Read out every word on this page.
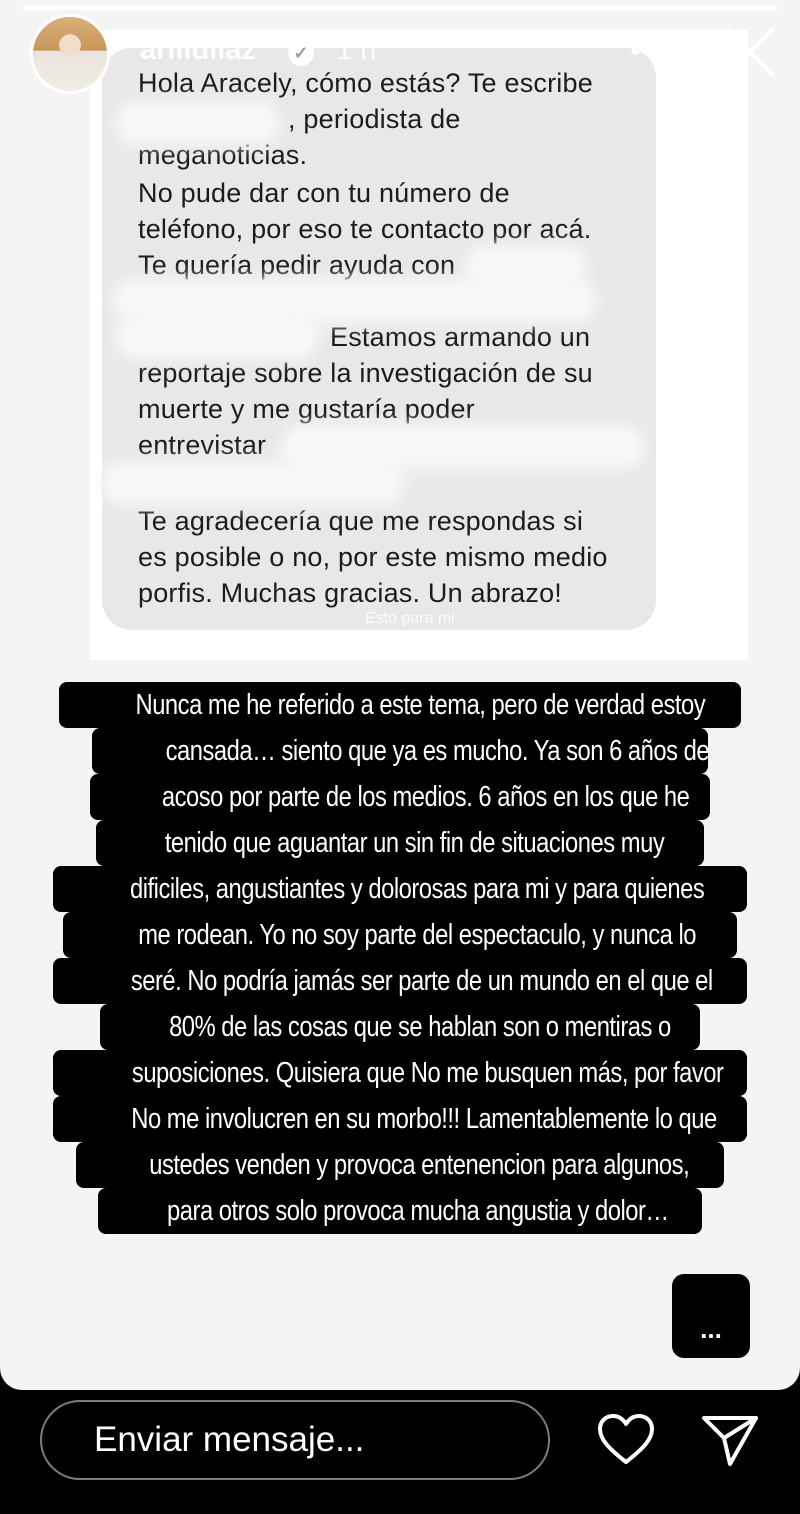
Hola Aracely, cómo estás? Te escribe
, periodista de
meganoticias.
No pude dar con tu número de
teléfono, por eso te contacto por acá.
Te quería pedir ayuda con
Estamos armando un
reportaje sobre la investigación de su
muerte y me gustaría poder
entrevistar
Te agradecería que me respondas si
es posible o no, por este mismo medio
porfis. Muchas gracias. Un abrazo!
Esto para mi
ariiidiiaz	✓ 1 h	•••
Nunca me he referido a este tema, pero de verdad estoy
cansada… siento que ya es mucho. Ya son 6 años de
acoso por parte de los medios. 6 años en los que he
tenido que aguantar un sin fin de situaciones muy
dificiles, angustiantes y dolorosas para mi y para quienes
me rodean. Yo no soy parte del espectaculo, y nunca lo
seré. No podría jamás ser parte de un mundo en el que el
80% de las cosas que se hablan son o mentiras o
suposiciones. Quisiera que No me busquen más, por favor
No me involucren en su morbo!!! Lamentablemente lo que
ustedes venden y provoca entenencion para algunos,
para otros solo provoca mucha angustia y dolor…
...
Enviar mensaje...
